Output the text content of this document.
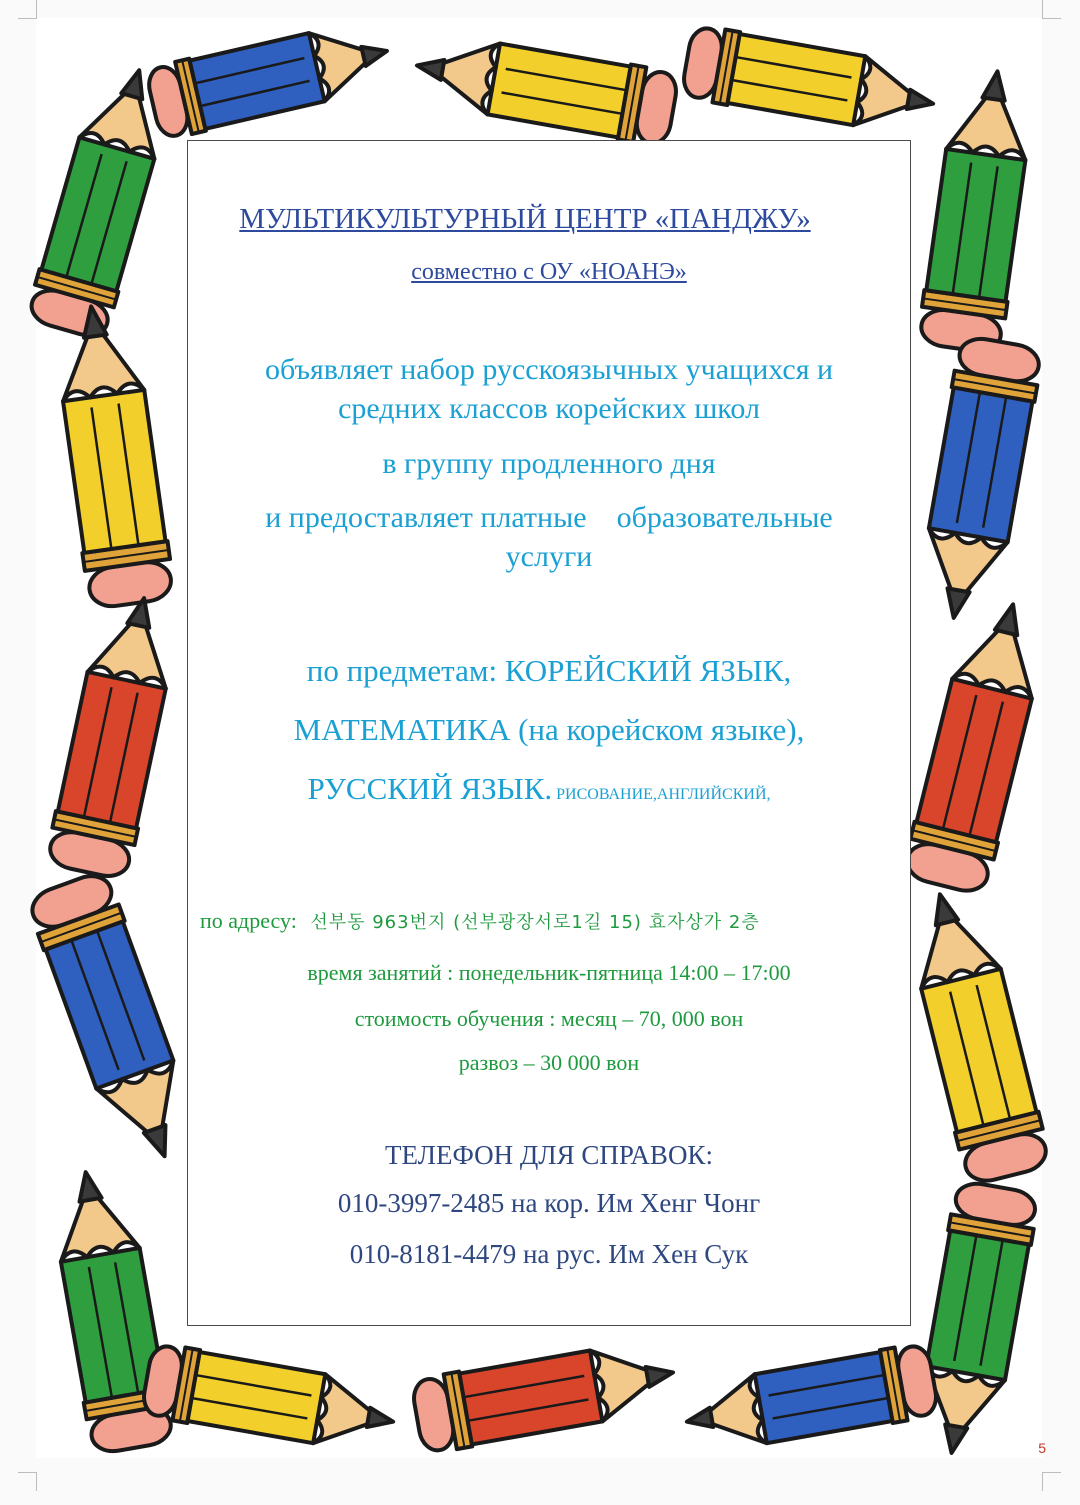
МУЛЬТИКУЛЬТУРНЫЙ ЦЕНТР «ПАНДЖУ»
совместно с ОУ «НОАНЭ»
объявляет набор русскоязычных учащихся и
средних классов корейских школ
в группу продленного дня
и предоставляет платные    образовательные
услуги
по предметам: КОРЕЙСКИЙ ЯЗЫК,
МАТЕМАТИКА (на корейском языке),
РУССКИЙ ЯЗЫК. РИСОВАНИЕ,АНГЛИЙСКИЙ,
по адресу: 선부동 963번지 (선부광장서로1길 15) 효자상가 2층
время занятий : понедельник-пятница 14:00 – 17:00
стоимость обучения : месяц – 70, 000 вон
развоз – 30 000 вон
ТЕЛЕФОН ДЛЯ СПРАВОК:
010-3997-2485 на кор. Им Хенг Чонг
010-8181-4479 на рус. Им Хен Сук
5
